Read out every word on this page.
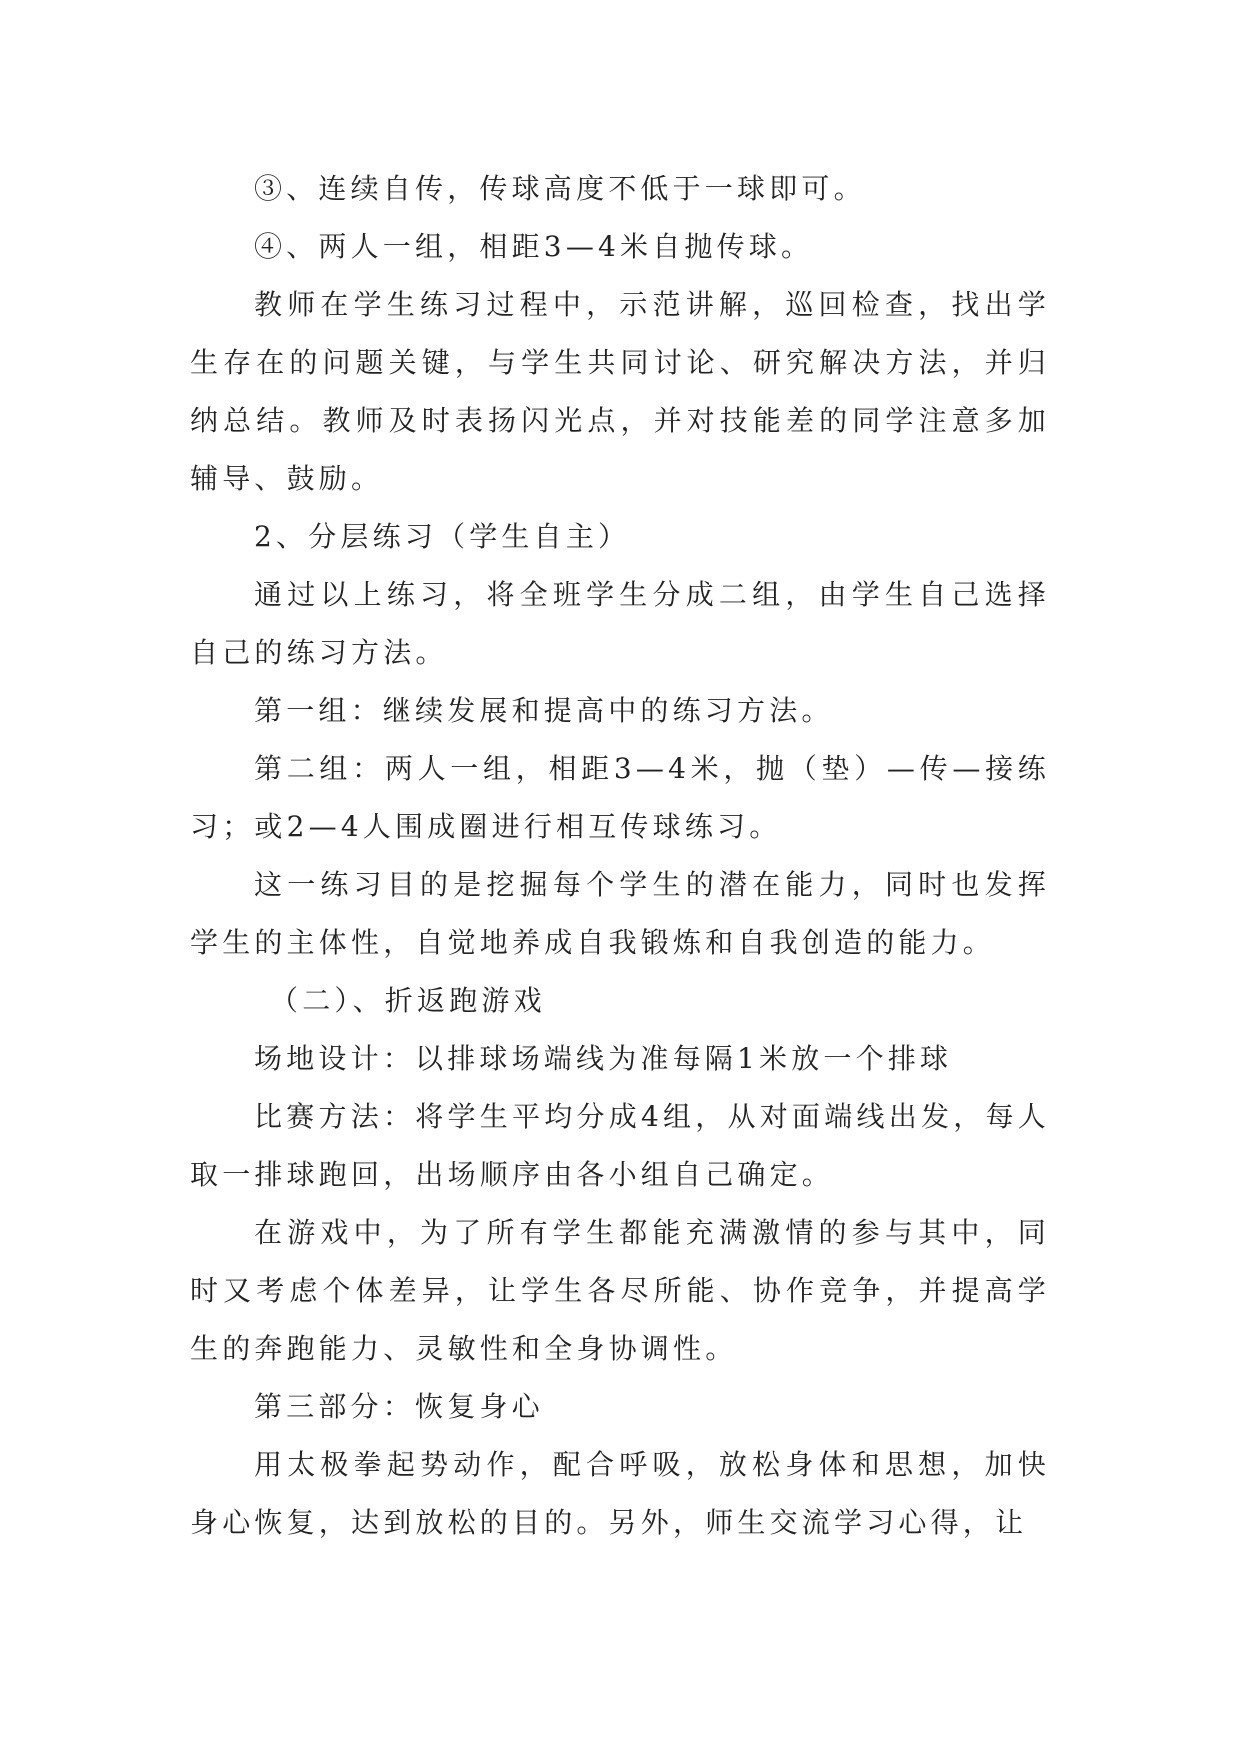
③、连续自传，传球高度不低于一球即可。

④、两人一组，相距3—4米自抛传球。

教师在学生练习过程中，示范讲解，巡回检查，找出学生存在的问题关键，与学生共同讨论、研究解决方法，并归纳总结。教师及时表扬闪光点，并对技能差的同学注意多加辅导、鼓励。

2、分层练习（学生自主）

通过以上练习，将全班学生分成二组，由学生自己选择自己的练习方法。

第一组：继续发展和提高中的练习方法。

第二组：两人一组，相距3—4米，抛（垫）—传—接练习；或2—4人围成圈进行相互传球练习。

这一练习目的是挖掘每个学生的潜在能力，同时也发挥学生的主体性，自觉地养成自我锻炼和自我创造的能力。

（二）、折返跑游戏

场地设计：以排球场端线为准每隔1米放一个排球

比赛方法：将学生平均分成4组，从对面端线出发，每人取一排球跑回，出场顺序由各小组自己确定。

在游戏中，为了所有学生都能充满激情的参与其中，同时又考虑个体差异，让学生各尽所能、协作竞争，并提高学生的奔跑能力、灵敏性和全身协调性。

第三部分：恢复身心

用太极拳起势动作，配合呼吸，放松身体和思想，加快身心恢复，达到放松的目的。另外，师生交流学习心得，让
